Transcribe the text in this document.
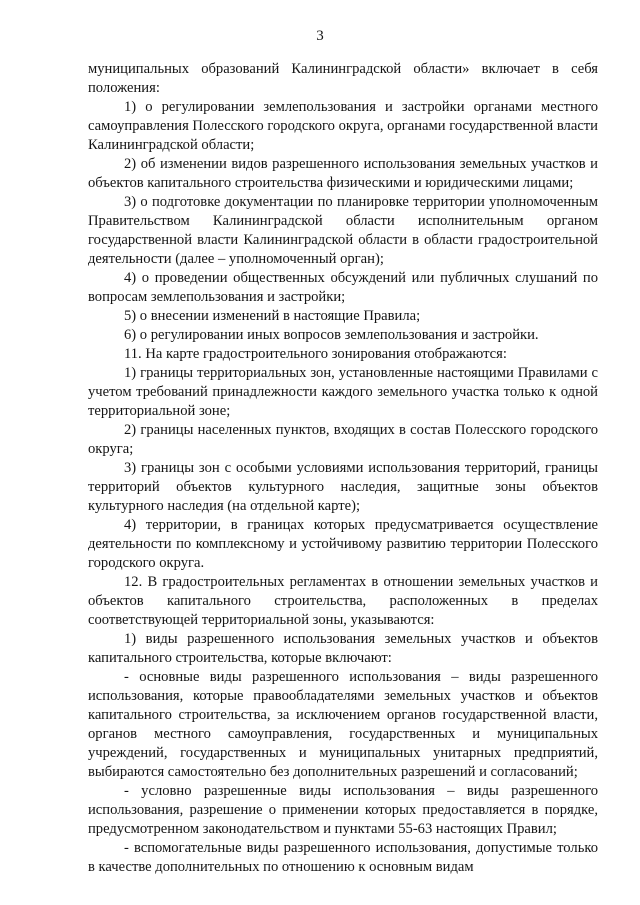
3

муниципальных образований Калининградской области» включает в себя положения:

1) о регулировании землепользования и застройки органами местного самоуправления Полесского городского округа, органами государственной власти Калининградской области;

2) об изменении видов разрешенного использования земельных участков и объектов капитального строительства физическими и юридическими лицами;

3) о подготовке документации по планировке территории уполномоченным Правительством Калининградской области исполнительным органом государственной власти Калининградской области в области градостроительной деятельности (далее – уполномоченный орган);

4) о проведении общественных обсуждений или публичных слушаний по вопросам землепользования и застройки;

5) о внесении изменений в настоящие Правила;

6) о регулировании иных вопросов землепользования и застройки.

11. На карте градостроительного зонирования отображаются:

1) границы территориальных зон, установленные настоящими Правилами с учетом требований принадлежности каждого земельного участка только к одной территориальной зоне;

2) границы населенных пунктов, входящих в состав Полесского городского округа;

3) границы зон с особыми условиями использования территорий, границы территорий объектов культурного наследия, защитные зоны объектов культурного наследия (на отдельной карте);

4) территории, в границах которых предусматривается осуществление деятельности по комплексному и устойчивому развитию территории Полесского городского округа.

12. В градостроительных регламентах в отношении земельных участков и объектов капитального строительства, расположенных в пределах соответствующей территориальной зоны, указываются:

1) виды разрешенного использования земельных участков и объектов капитального строительства, которые включают:

- основные виды разрешенного использования – виды разрешенного использования, которые правообладателями земельных участков и объектов капитального строительства, за исключением органов государственной власти, органов местного самоуправления, государственных и муниципальных учреждений, государственных и муниципальных унитарных предприятий, выбираются самостоятельно без дополнительных разрешений и согласований;

- условно разрешенные виды использования – виды разрешенного использования, разрешение о применении которых предоставляется в порядке, предусмотренном законодательством и пунктами 55-63 настоящих Правил;

- вспомогательные виды разрешенного использования, допустимые только в качестве дополнительных по отношению к основным видам
